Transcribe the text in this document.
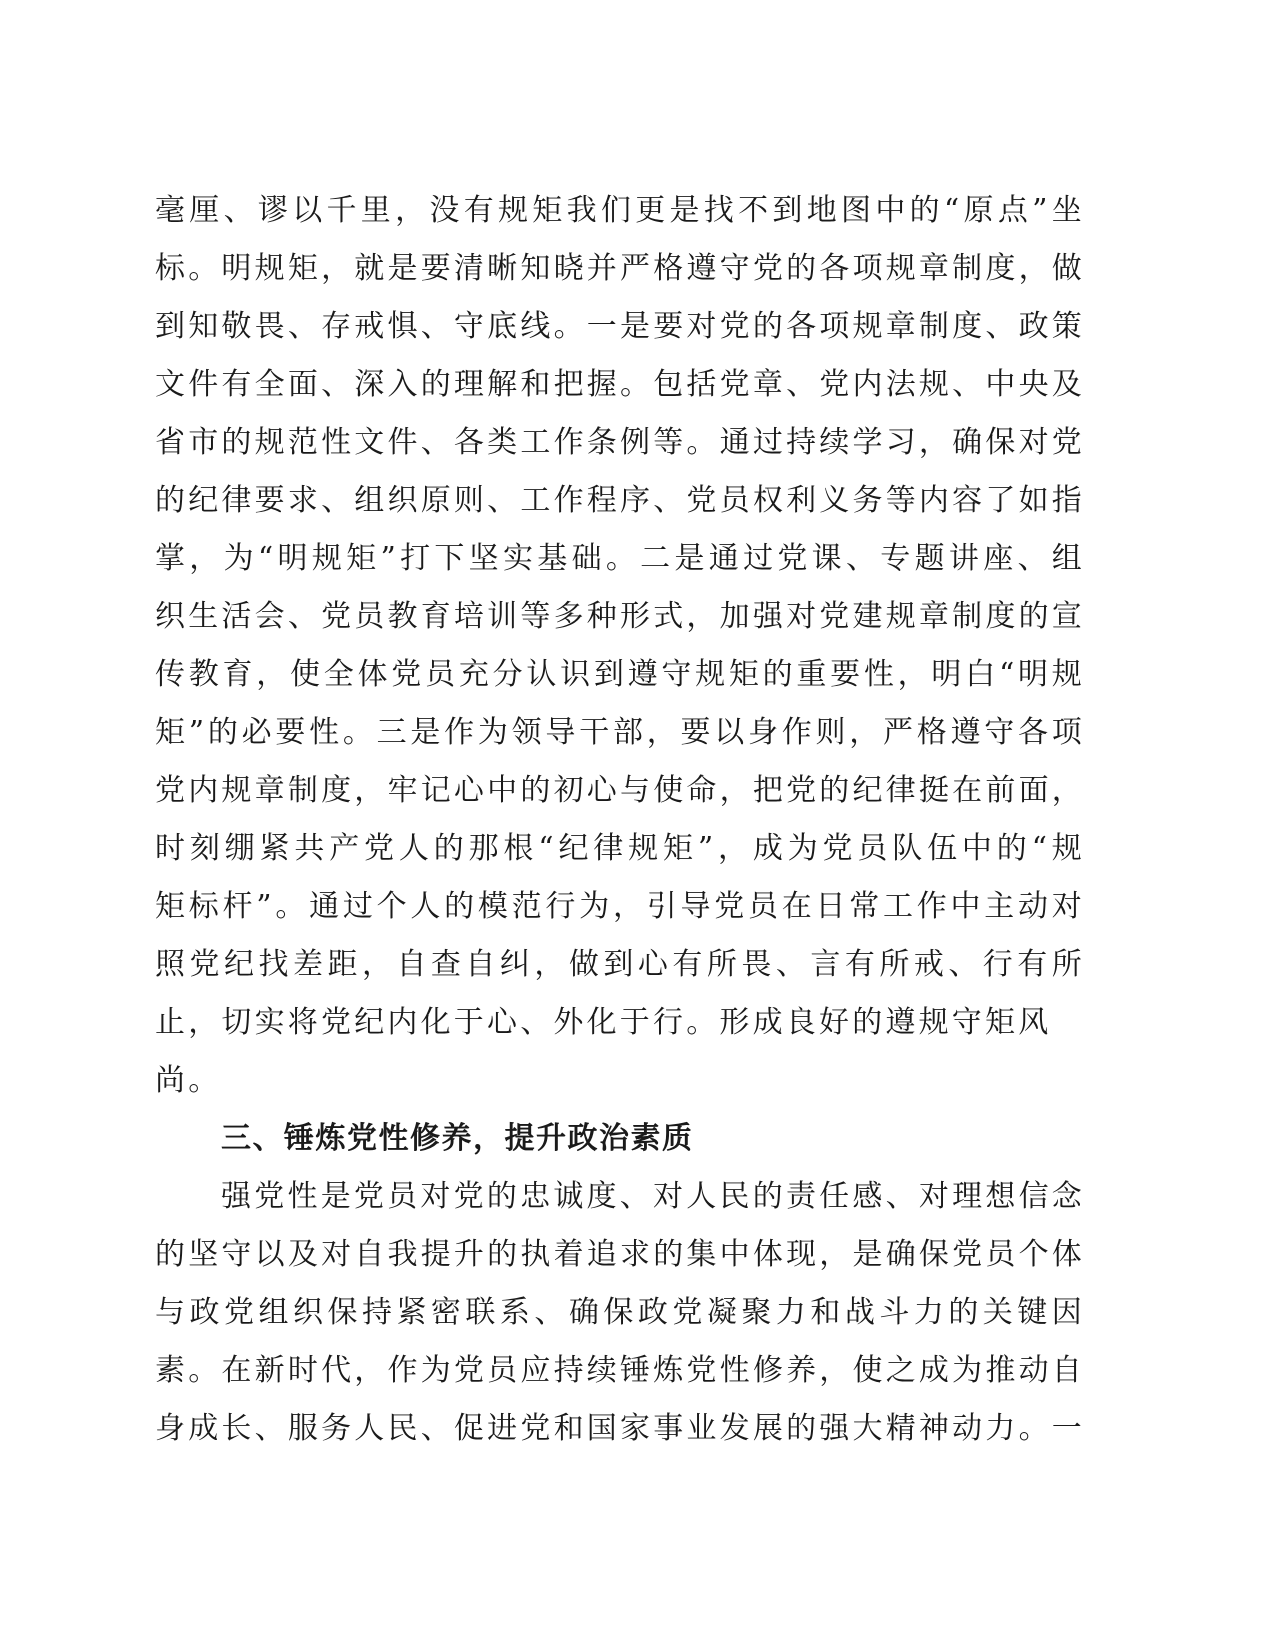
毫厘、谬以千里，没有规矩我们更是找不到地图中的“原点”坐
标。明规矩，就是要清晰知晓并严格遵守党的各项规章制度，做
到知敬畏、存戒惧、守底线。一是要对党的各项规章制度、政策
文件有全面、深入的理解和把握。包括党章、党内法规、中央及
省市的规范性文件、各类工作条例等。通过持续学习，确保对党
的纪律要求、组织原则、工作程序、党员权利义务等内容了如指
掌，为“明规矩”打下坚实基础。二是通过党课、专题讲座、组
织生活会、党员教育培训等多种形式，加强对党建规章制度的宣
传教育，使全体党员充分认识到遵守规矩的重要性，明白“明规
矩”的必要性。三是作为领导干部，要以身作则，严格遵守各项
党内规章制度，牢记心中的初心与使命，把党的纪律挺在前面，
时刻绷紧共产党人的那根“纪律规矩”，成为党员队伍中的“规
矩标杆”。通过个人的模范行为，引导党员在日常工作中主动对
照党纪找差距，自查自纠，做到心有所畏、言有所戒、行有所
止，切实将党纪内化于心、外化于行。形成良好的遵规守矩风
尚。
三、锤炼党性修养，提升政治素质
强党性是党员对党的忠诚度、对人民的责任感、对理想信念
的坚守以及对自我提升的执着追求的集中体现，是确保党员个体
与政党组织保持紧密联系、确保政党凝聚力和战斗力的关键因
素。在新时代，作为党员应持续锤炼党性修养，使之成为推动自
身成长、服务人民、促进党和国家事业发展的强大精神动力。一
